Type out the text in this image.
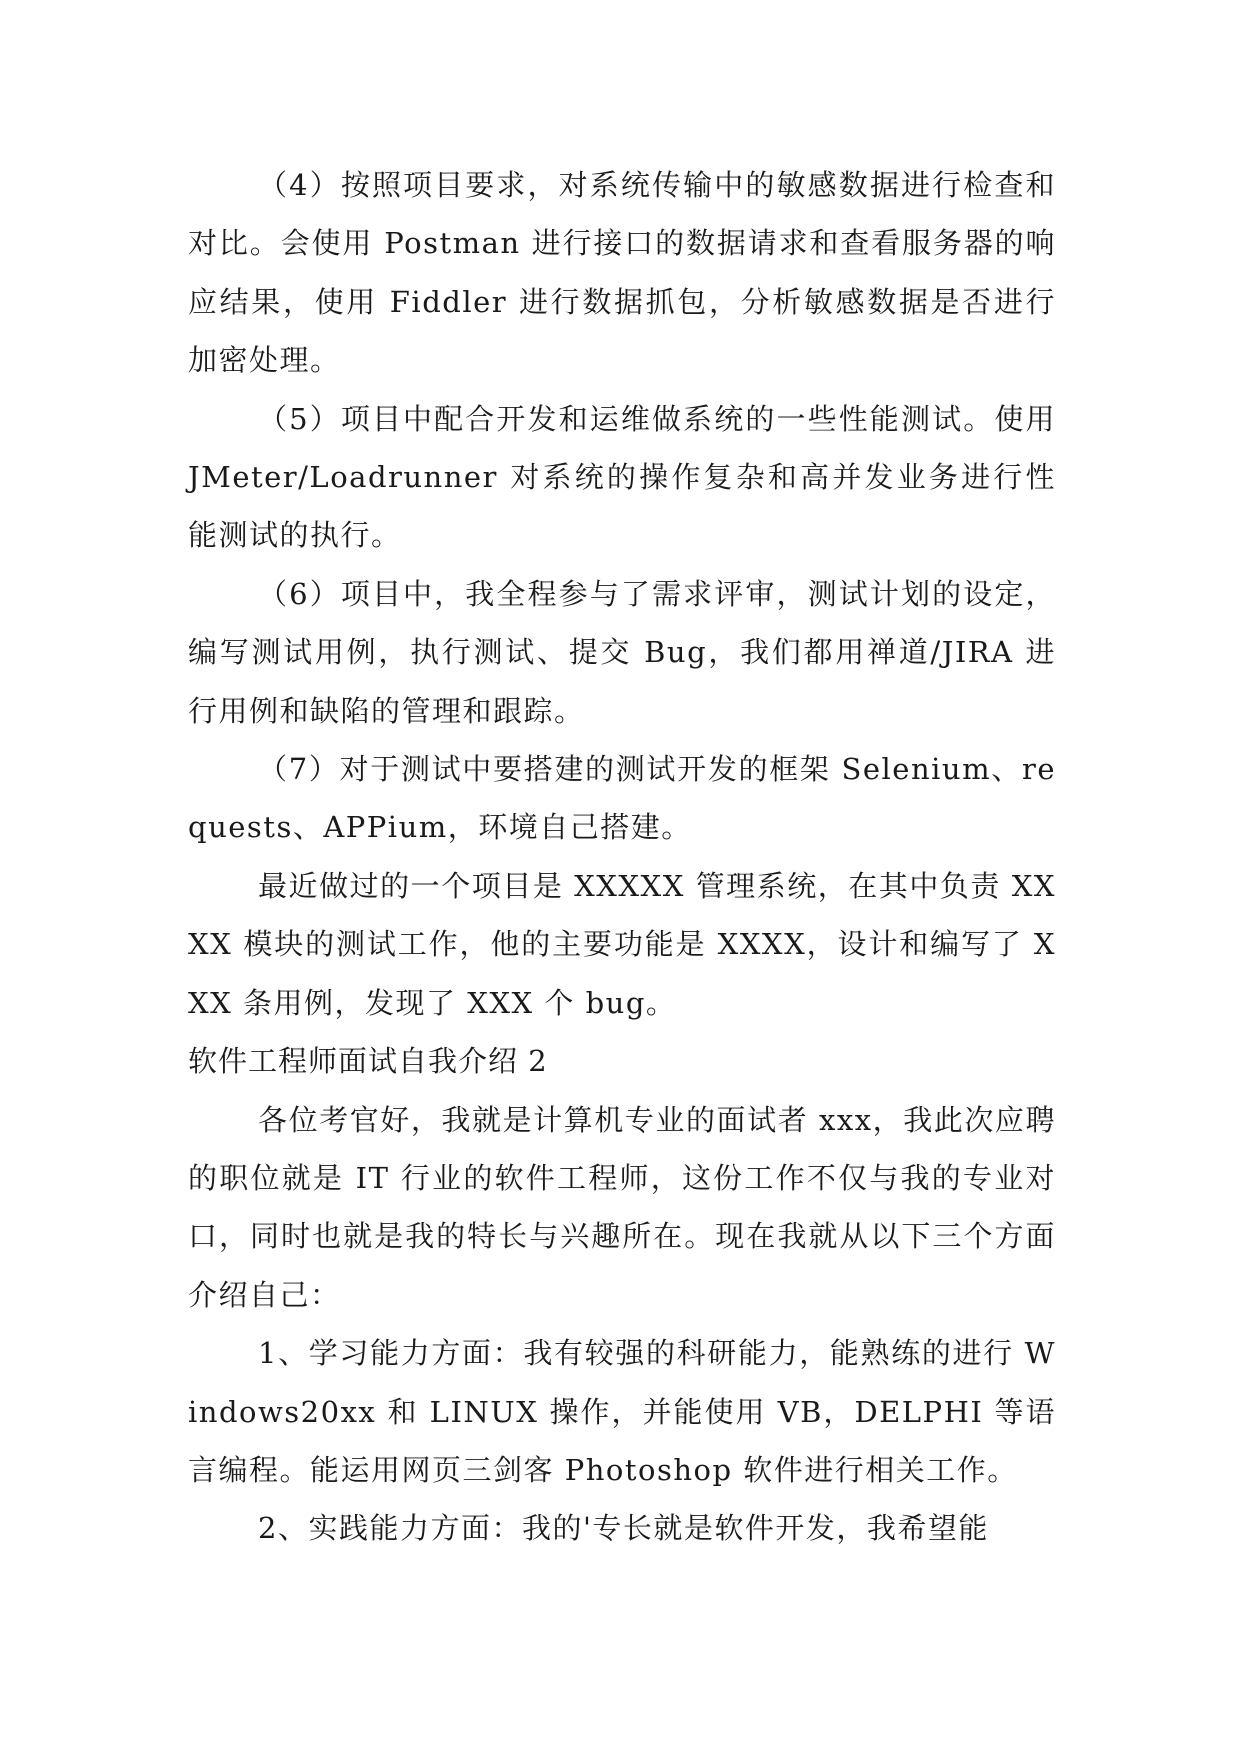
（4）按照项目要求，对系统传输中的敏感数据进行检查和对比。会使用 Postman 进行接口的数据请求和查看服务器的响应结果，使用 Fiddler 进行数据抓包，分析敏感数据是否进行加密处理。

（5）项目中配合开发和运维做系统的一些性能测试。使用 JMeter/Loadrunner 对系统的操作复杂和高并发业务进行性能测试的执行。

（6）项目中，我全程参与了需求评审，测试计划的设定，编写测试用例，执行测试、提交 Bug，我们都用禅道/JIRA 进行用例和缺陷的管理和跟踪。

（7）对于测试中要搭建的测试开发的框架 Selenium、requests、APPium，环境自己搭建。

最近做过的一个项目是 XXXXX 管理系统，在其中负责 XXXX 模块的测试工作，他的主要功能是 XXXX，设计和编写了 XXX 条用例，发现了 XXX 个 bug。

软件工程师面试自我介绍 2

各位考官好，我就是计算机专业的面试者 xxx，我此次应聘的职位就是 IT 行业的软件工程师，这份工作不仅与我的专业对口，同时也就是我的特长与兴趣所在。现在我就从以下三个方面介绍自己：

1、学习能力方面：我有较强的科研能力，能熟练的进行 Windows20xx 和 LINUX 操作，并能使用 VB，DELPHI 等语言编程。能运用网页三剑客 Photoshop 软件进行相关工作。

2、实践能力方面：我的'专长就是软件开发，我希望能
